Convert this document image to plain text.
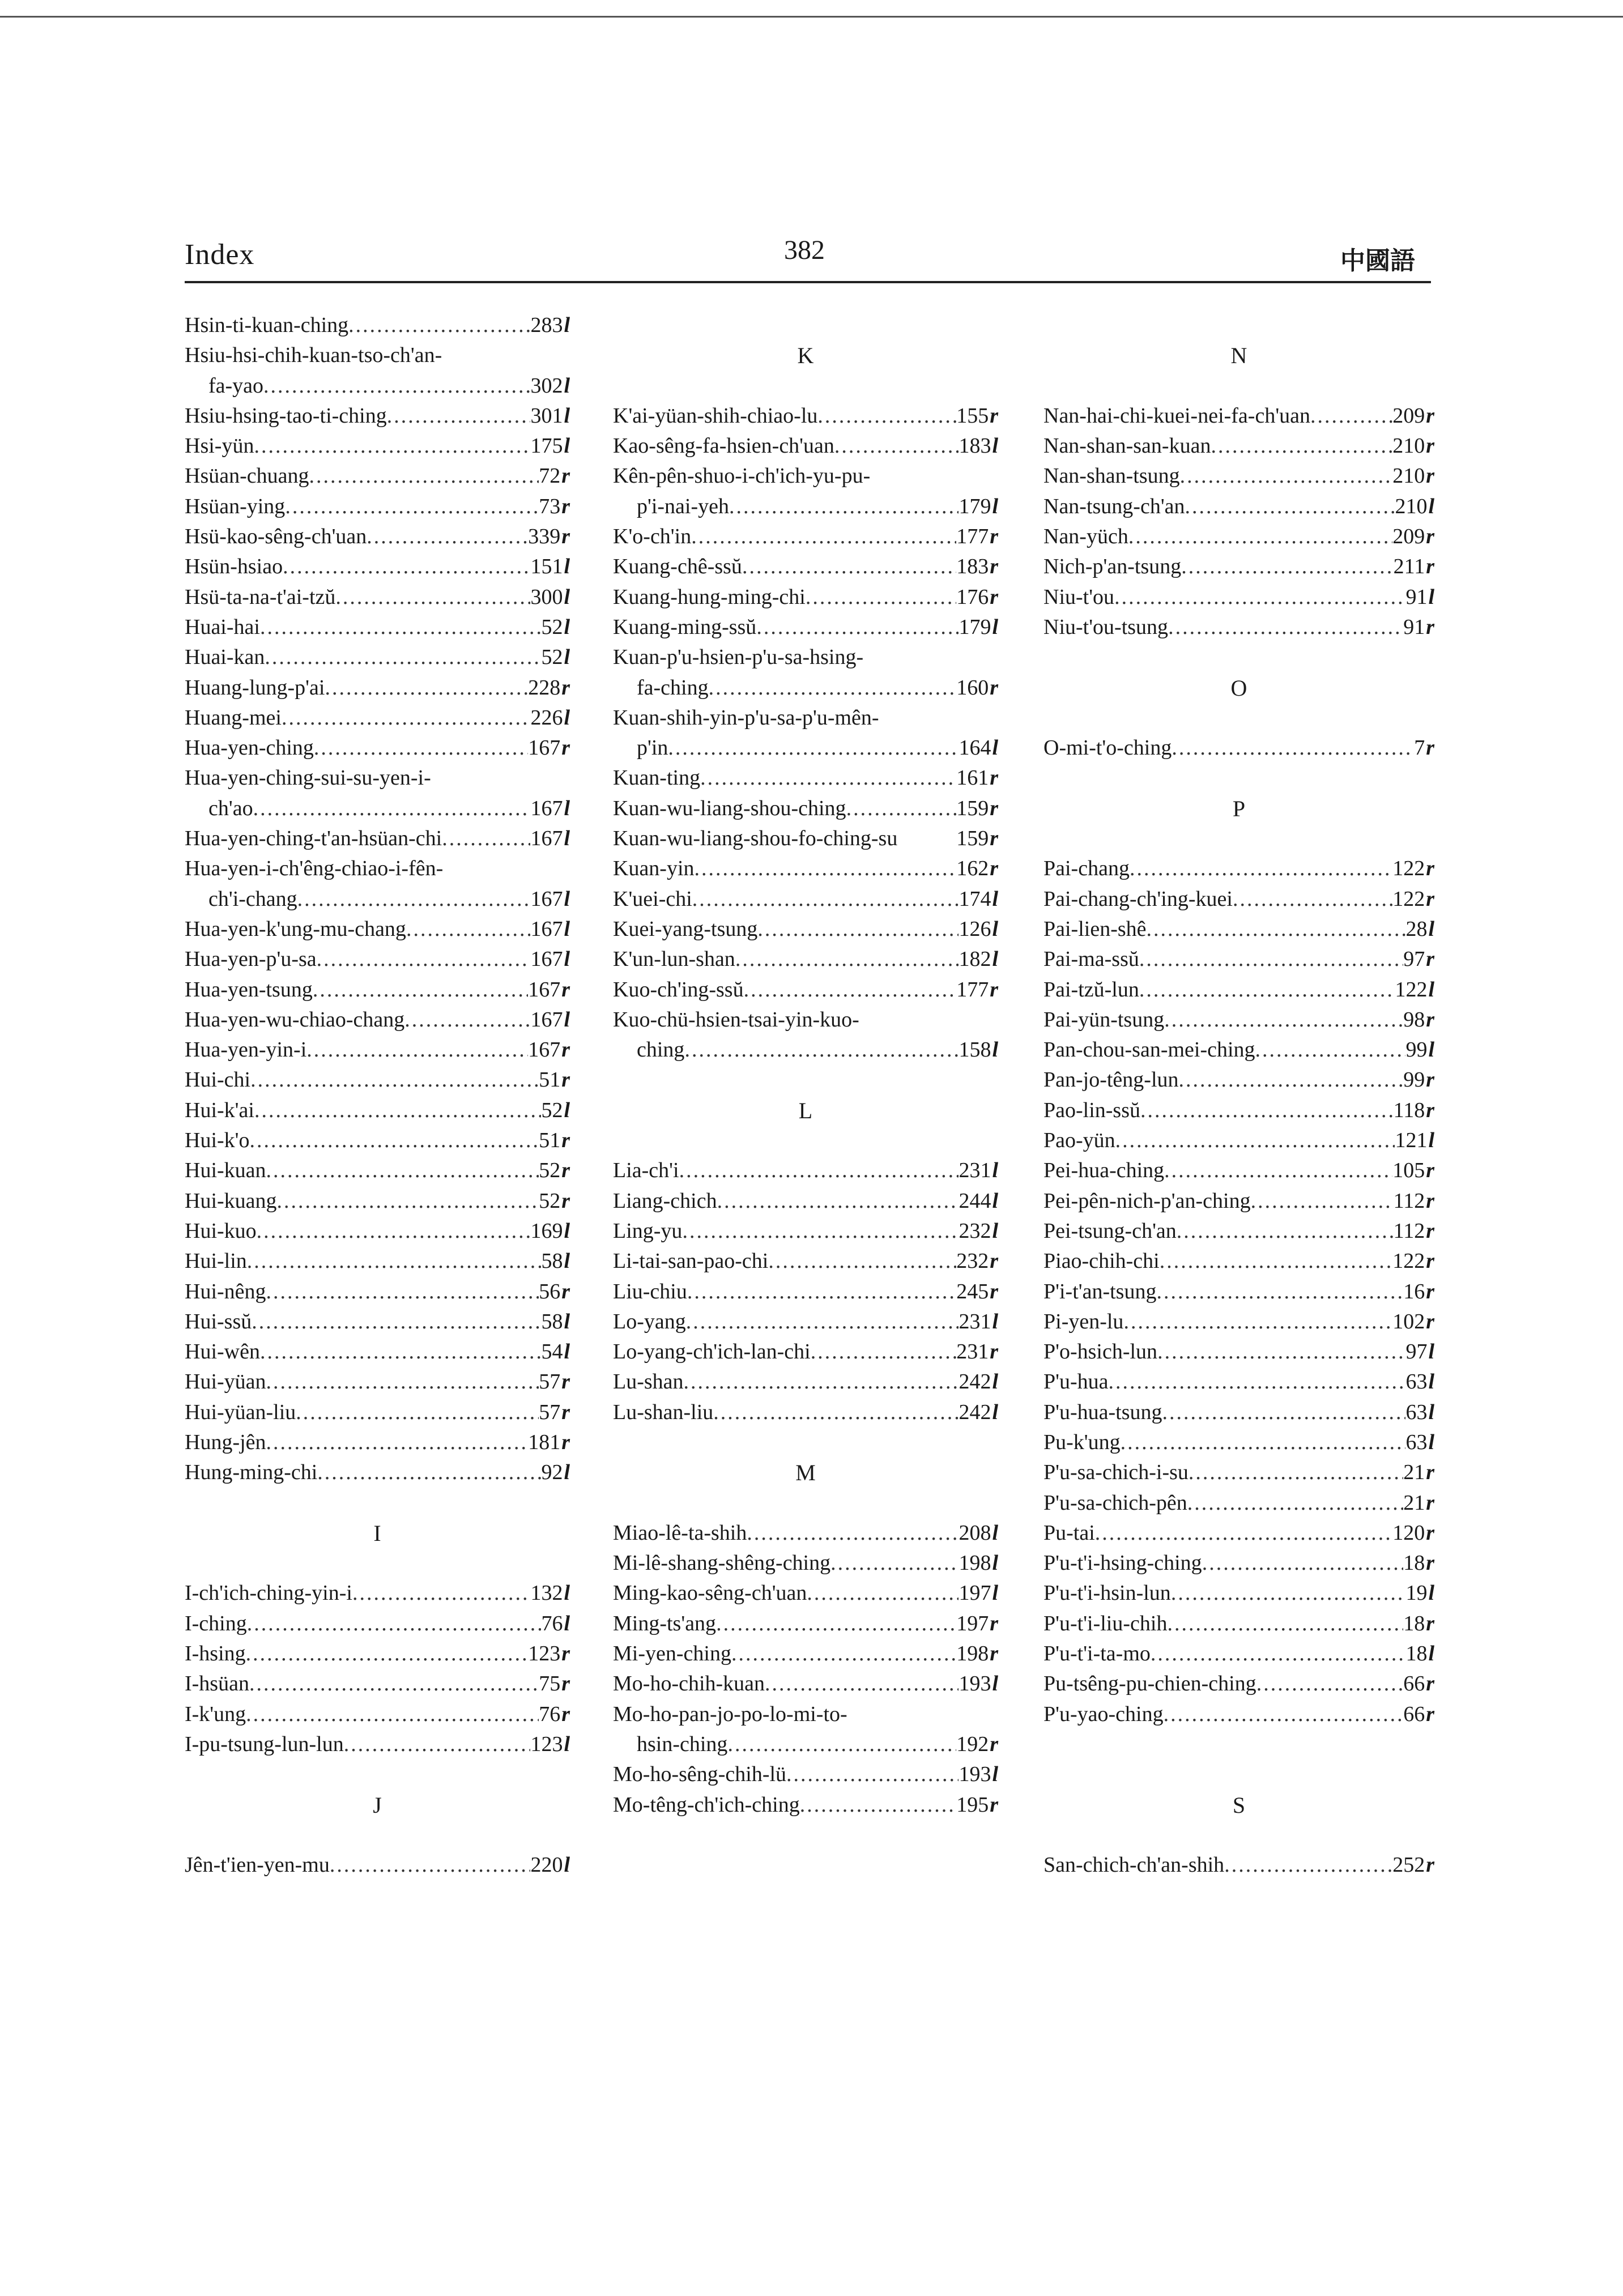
Index	382	中國語
Hsin-ti-kuan-ching .....	283l
Hsiu-hsi-chih-kuan-tso-ch'an-
fa-yao .....	302l
Hsiu-hsing-tao-ti-ching .....	301l
Hsi-yün .....	175l
Hsüan-chuang .....	72r
Hsüan-ying .....	73r
Hsü-kao-sêng-ch'uan .....	339r
Hsün-hsiao .....	151l
Hsü-ta-na-t'ai-tzŭ .....	300l
Huai-hai .....	52l
Huai-kan .....	52l
Huang-lung-p'ai .....	228r
Huang-mei .....	226l
Hua-yen-ching .....	167r
Hua-yen-ching-sui-su-yen-i-
ch'ao .....	167l
Hua-yen-ching-t'an-hsüan-chi .....	167l
Hua-yen-i-ch'êng-chiao-i-fên-
ch'i-chang .....	167l
Hua-yen-k'ung-mu-chang .....	167l
Hua-yen-p'u-sa .....	167l
Hua-yen-tsung .....	167r
Hua-yen-wu-chiao-chang .....	167l
Hua-yen-yin-i .....	167r
Hui-chi .....	51r
Hui-k'ai .....	52l
Hui-k'o .....	51r
Hui-kuan .....	52r
Hui-kuang .....	52r
Hui-kuo .....	169l
Hui-lin .....	58l
Hui-nêng .....	56r
Hui-ssŭ .....	58l
Hui-wên .....	54l
Hui-yüan .....	57r
Hui-yüan-liu .....	57r
Hung-jên .....	181r
Hung-ming-chi .....	92l
I
I-ch'ich-ching-yin-i .....	132l
I-ching .....	76l
I-hsing .....	123r
I-hsüan .....	75r
I-k'ung .....	76r
I-pu-tsung-lun-lun .....	123l
J
Jên-t'ien-yen-mu .....	220l
K
K'ai-yüan-shih-chiao-lu .....	155r
Kao-sêng-fa-hsien-ch'uan .....	183l
Kên-pên-shuo-i-ch'ich-yu-pu-
p'i-nai-yeh .....	179l
K'o-ch'in .....	177r
Kuang-chê-ssŭ .....	183r
Kuang-hung-ming-chi .....	176r
Kuang-ming-ssŭ .....	179l
Kuan-p'u-hsien-p'u-sa-hsing-
fa-ching .....	160r
Kuan-shih-yin-p'u-sa-p'u-mên-
p'in .....	164l
Kuan-ting .....	161r
Kuan-wu-liang-shou-ching .....	159r
Kuan-wu-liang-shou-fo-ching-su	159r
Kuan-yin .....	162r
K'uei-chi .....	174l
Kuei-yang-tsung .....	126l
K'un-lun-shan .....	182l
Kuo-ch'ing-ssŭ .....	177r
Kuo-chü-hsien-tsai-yin-kuo-
ching .....	158l
L
Lia-ch'i .....	231l
Liang-chich .....	244l
Ling-yu .....	232l
Li-tai-san-pao-chi .....	232r
Liu-chiu .....	245r
Lo-yang .....	231l
Lo-yang-ch'ich-lan-chi .....	231r
Lu-shan .....	242l
Lu-shan-liu .....	242l
M
Miao-lê-ta-shih .....	208l
Mi-lê-shang-shêng-ching .....	198l
Ming-kao-sêng-ch'uan .....	197l
Ming-ts'ang .....	197r
Mi-yen-ching .....	198r
Mo-ho-chih-kuan .....	193l
Mo-ho-pan-jo-po-lo-mi-to-
hsin-ching .....	192r
Mo-ho-sêng-chih-lü .....	193l
Mo-têng-ch'ich-ching .....	195r
N
Nan-hai-chi-kuei-nei-fa-ch'uan .....	209r
Nan-shan-san-kuan .....	210r
Nan-shan-tsung .....	210r
Nan-tsung-ch'an .....	210l
Nan-yüch .....	209r
Nich-p'an-tsung .....	211r
Niu-t'ou .....	91l
Niu-t'ou-tsung .....	91r
O
O-mi-t'o-ching .....	7r
P
Pai-chang .....	122r
Pai-chang-ch'ing-kuei .....	122r
Pai-lien-shê .....	28l
Pai-ma-ssŭ .....	97r
Pai-tzŭ-lun .....	122l
Pai-yün-tsung .....	98r
Pan-chou-san-mei-ching .....	99l
Pan-jo-têng-lun .....	99r
Pao-lin-ssŭ .....	118r
Pao-yün .....	121l
Pei-hua-ching .....	105r
Pei-pên-nich-p'an-ching .....	112r
Pei-tsung-ch'an .....	112r
Piao-chih-chi .....	122r
P'i-t'an-tsung .....	16r
Pi-yen-lu .....	102r
P'o-hsich-lun .....	97l
P'u-hua .....	63l
P'u-hua-tsung .....	63l
Pu-k'ung .....	63l
P'u-sa-chich-i-su .....	21r
P'u-sa-chich-pên .....	21r
Pu-tai .....	120r
P'u-t'i-hsing-ching .....	18r
P'u-t'i-hsin-lun .....	19l
P'u-t'i-liu-chih .....	18r
P'u-t'i-ta-mo .....	18l
Pu-tsêng-pu-chien-ching .....	66r
P'u-yao-ching .....	66r
S
San-chich-ch'an-shih .....	252r
